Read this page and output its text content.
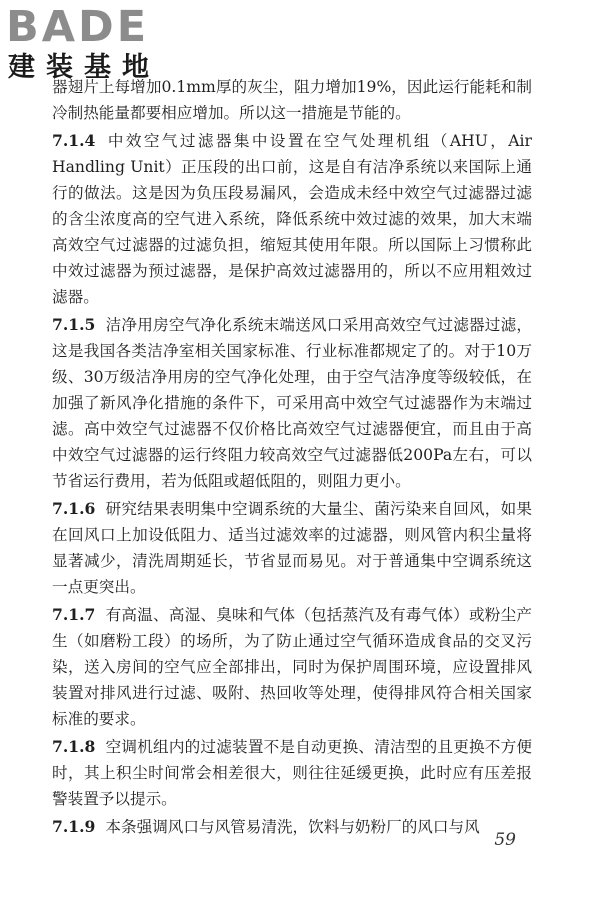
BADE
建装基地

器翅片上每增加0.1mm厚的灰尘，阻力增加19%，因此运行能耗和制冷制热能量都要相应增加。所以这一措施是节能的。

7.1.4 中效空气过滤器集中设置在空气处理机组（AHU，Air Handling Unit）正压段的出口前，这是自有洁净系统以来国际上通行的做法。这是因为负压段易漏风，会造成未经中效空气过滤器过滤的含尘浓度高的空气进入系统，降低系统中效过滤的效果，加大末端高效空气过滤器的过滤负担，缩短其使用年限。所以国际上习惯称此中效过滤器为预过滤器，是保护高效过滤器用的，所以不应用粗效过滤器。

7.1.5 洁净用房空气净化系统末端送风口采用高效空气过滤器过滤，这是我国各类洁净室相关国家标准、行业标准都规定了的。对于10万级、30万级洁净用房的空气净化处理，由于空气洁净度等级较低，在加强了新风净化措施的条件下，可采用高中效空气过滤器作为末端过滤。高中效空气过滤器不仅价格比高效空气过滤器便宜，而且由于高中效空气过滤器的运行终阻力较高效空气过滤器低200Pa左右，可以节省运行费用，若为低阻或超低阻的，则阻力更小。

7.1.6 研究结果表明集中空调系统的大量尘、菌污染来自回风，如果在回风口上加设低阻力、适当过滤效率的过滤器，则风管内积尘量将显著减少，清洗周期延长，节省显而易见。对于普通集中空调系统这一点更突出。

7.1.7 有高温、高湿、臭味和气体（包括蒸汽及有毒气体）或粉尘产生（如磨粉工段）的场所，为了防止通过空气循环造成食品的交叉污染，送入房间的空气应全部排出，同时为保护周围环境，应设置排风装置对排风进行过滤、吸附、热回收等处理，使得排风符合相关国家标准的要求。

7.1.8 空调机组内的过滤装置不是自动更换、清洁型的且更换不方便时，其上积尘时间常会相差很大，则往往延缓更换，此时应有压差报警装置予以提示。

7.1.9 本条强调风口与风管易清洗，饮料与奶粉厂的风口与风

59
